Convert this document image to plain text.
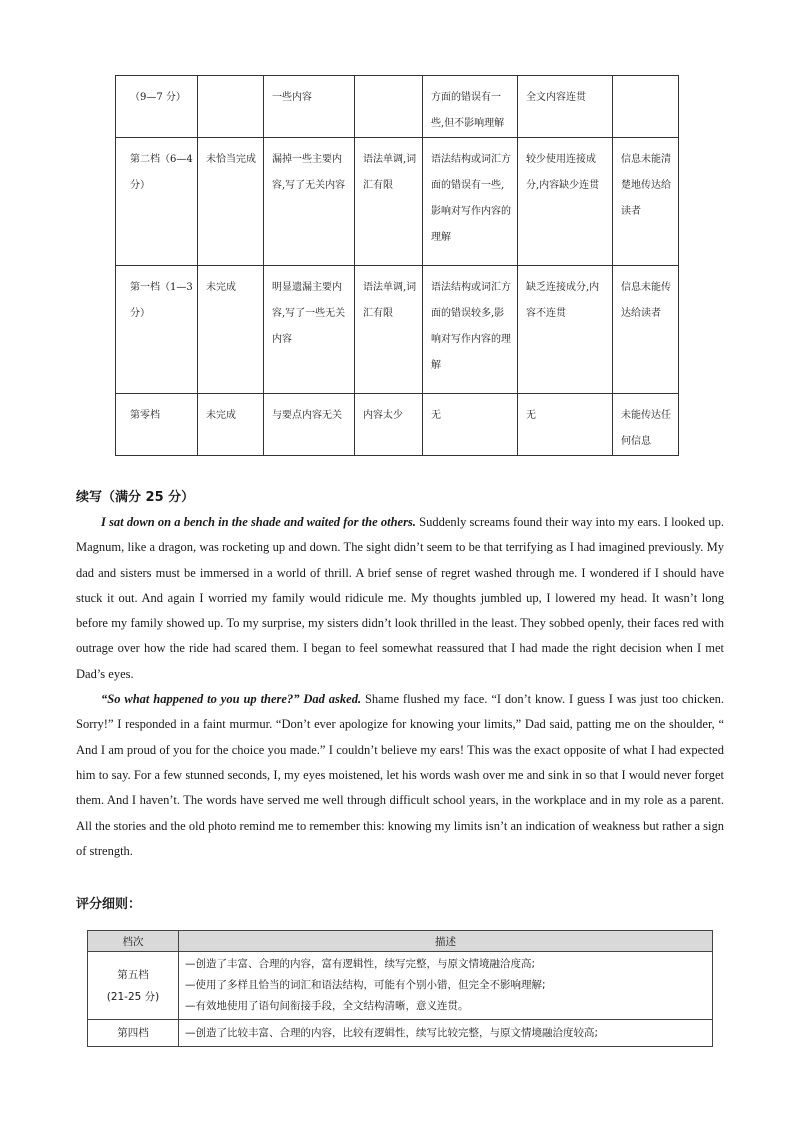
（9—7 分）		一些内容		方面的错误有一些,但不影响理解	全文内容连贯	
第二档（6—4 分）	未恰当完成	漏掉一些主要内容,写了无关内容	语法单调,词汇有限	语法结构或词汇方面的错误有一些,影响对写作内容的理解	较少使用连接成分,内容缺少连贯	信息未能清楚地传达给读者
第一档（1—3 分）	未完成	明显遗漏主要内容,写了一些无关内容	语法单调,词汇有限	语法结构或词汇方面的错误较多,影响对写作内容的理解	缺乏连接成分,内容不连贯	信息未能传达给读者
第零档	未完成	与要点内容无关	内容太少	无	无	未能传达任何信息
续写（满分 25 分）

I sat down on a bench in the shade and waited for the others. Suddenly screams found their way into my ears. I looked up. Magnum, like a dragon, was rocketing up and down. The sight didn’t seem to be that terrifying as I had imagined previously. My dad and sisters must be immersed in a world of thrill. A brief sense of regret washed through me. I wondered if I should have stuck it out. And again I worried my family would ridicule me. My thoughts jumbled up, I lowered my head. It wasn’t long before my family showed up. To my surprise, my sisters didn’t look thrilled in the least. They sobbed openly, their faces red with outrage over how the ride had scared them. I began to feel somewhat reassured that I had made the right decision when I met Dad’s eyes.

“So what happened to you up there?” Dad asked. Shame flushed my face. “I don’t know. I guess I was just too chicken. Sorry!” I responded in a faint murmur. “Don’t ever apologize for knowing your limits,” Dad said, patting me on the shoulder, “ And I am proud of you for the choice you made.” I couldn’t believe my ears! This was the exact opposite of what I had expected him to say. For a few stunned seconds, I, my eyes moistened, let his words wash over me and sink in so that I would never forget them. And I haven’t. The words have served me well through difficult school years, in the workplace and in my role as a parent. All the stories and the old photo remind me to remember this: knowing my limits isn’t an indication of weakness but rather a sign of strength.

评分细则：
档次	描述

第五档
(21-25 分)	—创造了丰富、合理的内容，富有逻辑性，续写完整，与原文情境融洽度高;
—使用了多样且恰当的词汇和语法结构，可能有个别小错，但完全不影响理解;
—有效地使用了语句间衔接手段，全文结构清晰，意义连贯。

第四档	—创造了比较丰富、合理的内容，比较有逻辑性，续写比较完整，与原文情境融洽度较高;
